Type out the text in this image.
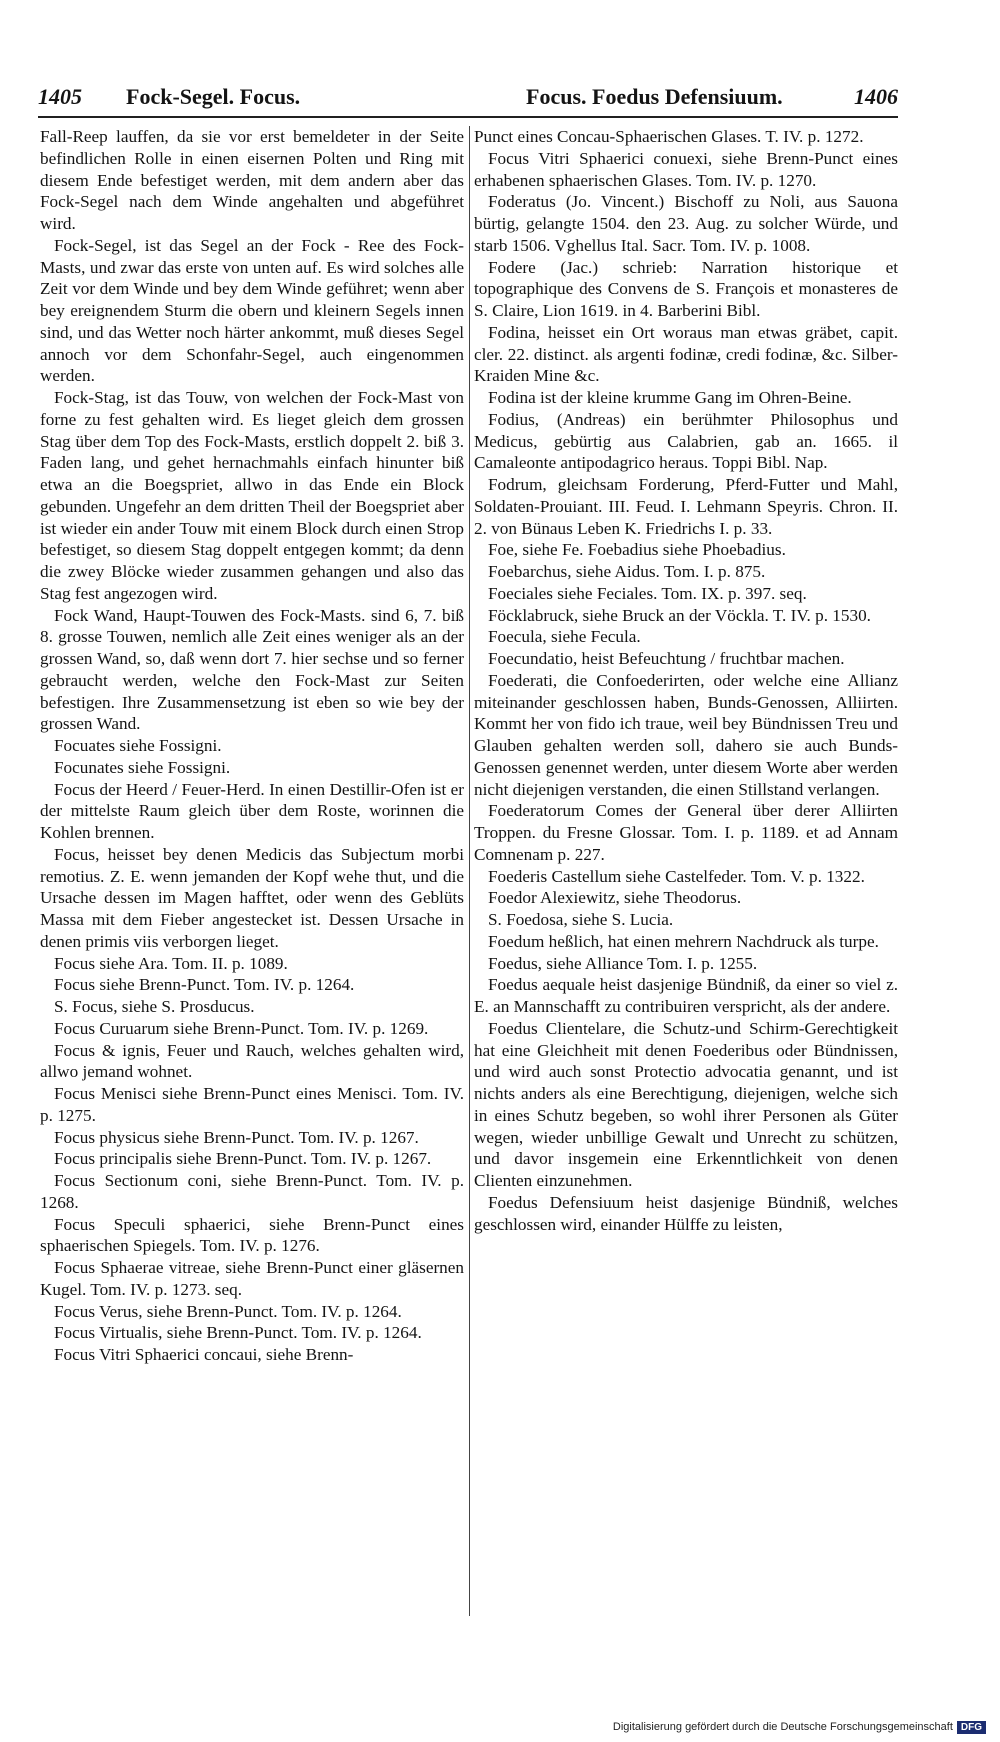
1405 Fock-Segel. Focus.	Focus. Foedus Defensiuum.	1406

Fall-Reep lauffen, da sie vor erst bemeldeter in der Seite befindlichen Rolle in einen eisernen Polten und Ring mit diesem Ende befestiget werden, mit dem andern aber das Fock-Segel nach dem Winde angehalten und abgeführet wird.

Fock-Segel, ist das Segel an der Fock - Ree des Fock-Masts, und zwar das erste von unten auf. Es wird solches alle Zeit vor dem Winde und bey dem Winde geführet; wenn aber bey ereignendem Sturm die obern und kleinern Segels innen sind, und das Wetter noch härter ankommt, muß dieses Segel annoch vor dem Schonfahr-Segel, auch eingenommen werden.

Fock-Stag, ist das Touw, von welchen der Fock-Mast von forne zu fest gehalten wird. Es lieget gleich dem grossen Stag über dem Top des Fock-Masts, erstlich doppelt 2. biß 3. Faden lang, und gehet hernachmahls einfach hinunter biß etwa an die Boegspriet, allwo in das Ende ein Block gebunden. Ungefehr an dem dritten Theil der Boegspriet aber ist wieder ein ander Touw mit einem Block durch einen Strop befestiget, so diesem Stag doppelt entgegen kommt; da denn die zwey Blöcke wieder zusammen gehangen und also das Stag fest angezogen wird.

Fock Wand, Haupt-Touwen des Fock-Masts. sind 6, 7. biß 8. grosse Touwen, nemlich alle Zeit eines weniger als an der grossen Wand, so, daß wenn dort 7. hier sechse und so ferner gebraucht werden, welche den Fock-Mast zur Seiten befestigen. Ihre Zusammensetzung ist eben so wie bey der grossen Wand.

Focuates siehe Fossigni.

Focunates siehe Fossigni.

Focus der Heerd / Feuer-Herd. In einen Destillir-Ofen ist er der mittelste Raum gleich über dem Roste, worinnen die Kohlen brennen.

Focus, heisset bey denen Medicis das Subjectum morbi remotius. Z. E. wenn jemanden der Kopf wehe thut, und die Ursache dessen im Magen hafftet, oder wenn des Geblüts Massa mit dem Fieber angestecket ist. Dessen Ursache in denen primis viis verborgen lieget.

Focus siehe Ara. Tom. II. p. 1089.

Focus siehe Brenn-Punct. Tom. IV. p. 1264.

S. Focus, siehe S. Prosducus.

Focus Curuarum siehe Brenn-Punct. Tom. IV. p. 1269.

Focus & ignis, Feuer und Rauch, welches gehalten wird, allwo jemand wohnet.

Focus Menisci siehe Brenn-Punct eines Menisci. Tom. IV. p. 1275.

Focus physicus siehe Brenn-Punct. Tom. IV. p. 1267.

Focus principalis siehe Brenn-Punct. Tom. IV. p. 1267.

Focus Sectionum coni, siehe Brenn-Punct. Tom. IV. p. 1268.

Focus Speculi sphaerici, siehe Brenn-Punct eines sphaerischen Spiegels. Tom. IV. p. 1276.

Focus Sphaerae vitreae, siehe Brenn-Punct einer gläsernen Kugel. Tom. IV. p. 1273. seq.

Focus Verus, siehe Brenn-Punct. Tom. IV. p. 1264.

Focus Virtualis, siehe Brenn-Punct. Tom. IV. p. 1264.

Focus Vitri Sphaerici concaui, siehe Brenn-

Punct eines Concau-Sphaerischen Glases. T. IV. p. 1272.

Focus Vitri Sphaerici conuexi, siehe Brenn-Punct eines erhabenen sphaerischen Glases. Tom. IV. p. 1270.

Foderatus (Jo. Vincent.) Bischoff zu Noli, aus Sauona bürtig, gelangte 1504. den 23. Aug. zu solcher Würde, und starb 1506. Vghellus Ital. Sacr. Tom. IV. p. 1008.

Fodere (Jac.) schrieb: Narration historique et topographique des Convens de S. François et monasteres de S. Claire, Lion 1619. in 4. Barberini Bibl.

Fodina, heisset ein Ort woraus man etwas gräbet, capit. cler. 22. distinct. als argenti fodinæ, credi fodinæ, &c. Silber-Kraiden Mine &c.

Fodina ist der kleine krumme Gang im Ohren-Beine.

Fodius, (Andreas) ein berühmter Philosophus und Medicus, gebürtig aus Calabrien, gab an. 1665. il Camaleonte antipodagrico heraus. Toppi Bibl. Nap.

Fodrum, gleichsam Forderung, Pferd-Futter und Mahl, Soldaten-Prouiant. III. Feud. I. Lehmann Speyris. Chron. II. 2. von Bünaus Leben K. Friedrichs I. p. 33.

Foe, siehe Fe. Foebadius siehe Phoebadius.

Foebarchus, siehe Aidus. Tom. I. p. 875.

Foeciales siehe Feciales. Tom. IX. p. 397. seq.

Föcklabruck, siehe Bruck an der Vöckla. T. IV. p. 1530.

Foecula, siehe Fecula.

Foecundatio, heist Befeuchtung / fruchtbar machen.

Foederati, die Confoederirten, oder welche eine Allianz miteinander geschlossen haben, Bunds-Genossen, Alliirten. Kommt her von fido ich traue, weil bey Bündnissen Treu und Glauben gehalten werden soll, dahero sie auch Bunds-Genossen genennet werden, unter diesem Worte aber werden nicht diejenigen verstanden, die einen Stillstand verlangen.

Foederatorum Comes der General über derer Alliirten Troppen. du Fresne Glossar. Tom. I. p. 1189. et ad Annam Comnenam p. 227.

Foederis Castellum siehe Castelfeder. Tom. V. p. 1322.

Foedor Alexiewitz, siehe Theodorus.

S. Foedosa, siehe S. Lucia.

Foedum heßlich, hat einen mehrern Nachdruck als turpe.

Foedus, siehe Alliance Tom. I. p. 1255.

Foedus aequale heist dasjenige Bündniß, da einer so viel z. E. an Mannschafft zu contribuiren verspricht, als der andere.

Foedus Clientelare, die Schutz-und Schirm-Gerechtigkeit hat eine Gleichheit mit denen Foederibus oder Bündnissen, und wird auch sonst Protectio advocatia genannt, und ist nichts anders als eine Berechtigung, diejenigen, welche sich in eines Schutz begeben, so wohl ihrer Personen als Güter wegen, wieder unbillige Gewalt und Unrecht zu schützen, und davor insgemein eine Erkenntlichkeit von denen Clienten einzunehmen.

Foedus Defensiuum heist dasjenige Bündniß, welches geschlossen wird, einander Hülffe zu leisten,

Digitalisierung gefördert durch die Deutsche Forschungsgemeinschaft DFG
